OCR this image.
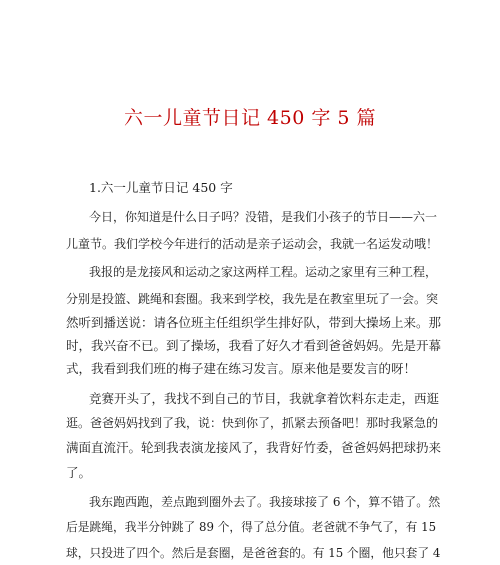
六一儿童节日记 450 字 5 篇
1.六一儿童节日记 450 字
今日，你知道是什么日子吗？没错，是我们小孩子的节日——六一
儿童节。我们学校今年进行的活动是亲子运动会，我就一名运发动哦！
我报的是龙接风和运动之家这两样工程。运动之家里有三种工程，
分别是投篮、跳绳和套圈。我来到学校，我先是在教室里玩了一会。突
然听到播送说：请各位班主任组织学生排好队，带到大操场上来。那
时，我兴奋不已。到了操场，我看了好久才看到爸爸妈妈。先是开幕
式，我看到我们班的梅子建在练习发言。原来他是要发言的呀！
竞赛开头了，我找不到自己的节目，我就拿着饮料东走走，西逛
逛。爸爸妈妈找到了我，说：快到你了，抓紧去预备吧！那时我紧急的
满面直流汗。轮到我表演龙接风了，我背好竹委，爸爸妈妈把球扔来
了。
我东跑西跑，差点跑到圈外去了。我接球接了 6 个，算不错了。然
后是跳绳，我半分钟跳了 89 个，得了总分值。老爸就不争气了，有 15
球，只投进了四个。然后是套圈，是爸爸套的。有 15 个圈，他只套了 4
